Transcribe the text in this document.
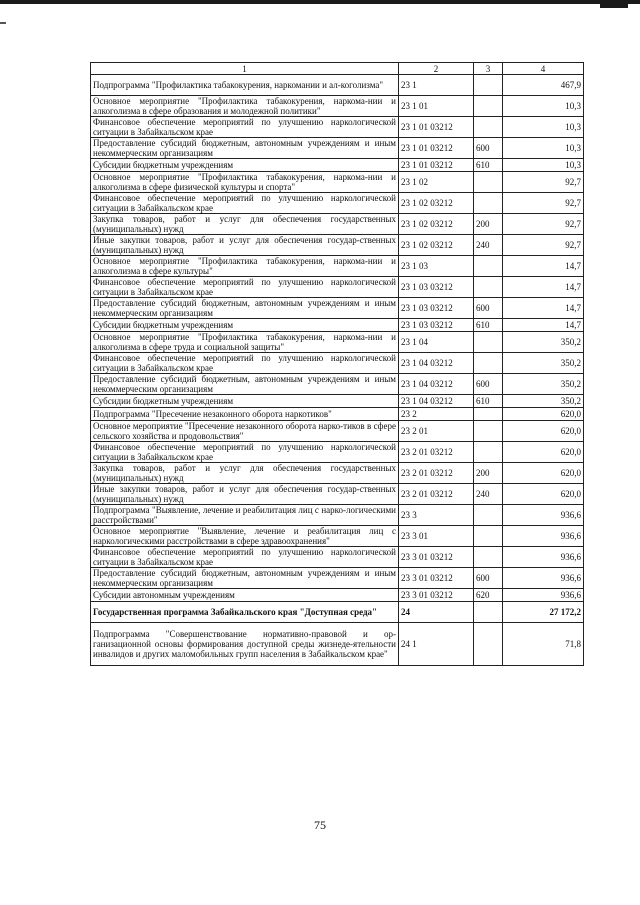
1	2	3	4
Подпрограмма "Профилактика табакокурения, наркомании и ал-коголизма"	23 1		467,9
Основное мероприятие "Профилактика табакокурения, наркома-нии и алкоголизма в сфере образования и молодежной политики"	23 1 01		10,3
Финансовое обеспечение мероприятий по улучшению наркологической ситуации в Забайкальском крае	23 1 01 03212		10,3
Предоставление субсидий бюджетным, автономным учреждениям и иным некоммерческим организациям	23 1 01 03212	600	10,3
Субсидии бюджетным учреждениям	23 1 01 03212	610	10,3
Основное мероприятие "Профилактика табакокурения, наркома-нии и алкоголизма в сфере физической культуры и спорта"	23 1 02		92,7
Финансовое обеспечение мероприятий по улучшению наркологической ситуации в Забайкальском крае	23 1 02 03212		92,7
Закупка товаров, работ и услуг для обеспечения государственных (муниципальных) нужд	23 1 02 03212	200	92,7
Иные закупки товаров, работ и услуг для обеспечения государ-ственных (муниципальных) нужд	23 1 02 03212	240	92,7
Основное мероприятие "Профилактика табакокурения, наркома-нии и алкоголизма в сфере культуры"	23 1 03		14,7
Финансовое обеспечение мероприятий по улучшению наркологической ситуации в Забайкальском крае	23 1 03 03212		14,7
Предоставление субсидий бюджетным, автономным учреждениям и иным некоммерческим организациям	23 1 03 03212	600	14,7
Субсидии бюджетным учреждениям	23 1 03 03212	610	14,7
Основное мероприятие "Профилактика табакокурения, наркома-нии и алкоголизма в сфере труда и социальной защиты"	23 1 04		350,2
Финансовое обеспечение мероприятий по улучшению наркологической ситуации в Забайкальском крае	23 1 04 03212		350,2
Предоставление субсидий бюджетным, автономным учреждениям и иным некоммерческим организациям	23 1 04 03212	600	350,2
Субсидии бюджетным учреждениям	23 1 04 03212	610	350,2
Подпрограмма "Пресечение незаконного оборота наркотиков"	23 2		620,0
Основное мероприятие "Пресечение незаконного оборота нарко-тиков в сфере сельского хозяйства и продовольствия"	23 2 01		620,0
Финансовое обеспечение мероприятий по улучшению наркологической ситуации в Забайкальском крае	23 2 01 03212		620,0
Закупка товаров, работ и услуг для обеспечения государственных (муниципальных) нужд	23 2 01 03212	200	620,0
Иные закупки товаров, работ и услуг для обеспечения государ-ственных (муниципальных) нужд	23 2 01 03212	240	620,0
Подпрограмма "Выявление, лечение и реабилитация лиц с нарко-логическими расстройствами"	23 3		936,6
Основное мероприятие "Выявление, лечение и реабилитация лиц с наркологическими расстройствами в сфере здравоохранения"	23 3 01		936,6
Финансовое обеспечение мероприятий по улучшению наркологической ситуации в Забайкальском крае	23 3 01 03212		936,6
Предоставление субсидий бюджетным, автономным учреждениям и иным некоммерческим организациям	23 3 01 03212	600	936,6
Субсидии автономным учреждениям	23 3 01 03212	620	936,6
Государственная программа Забайкальского края "Доступная среда"	24		27 172,2
Подпрограмма "Совершенствование нормативно-правовой и ор-ганизационной основы формирования доступной среды жизнеде-ятельности инвалидов и других маломобильных групп населения в Забайкальском крае"	24 1		71,8
75
